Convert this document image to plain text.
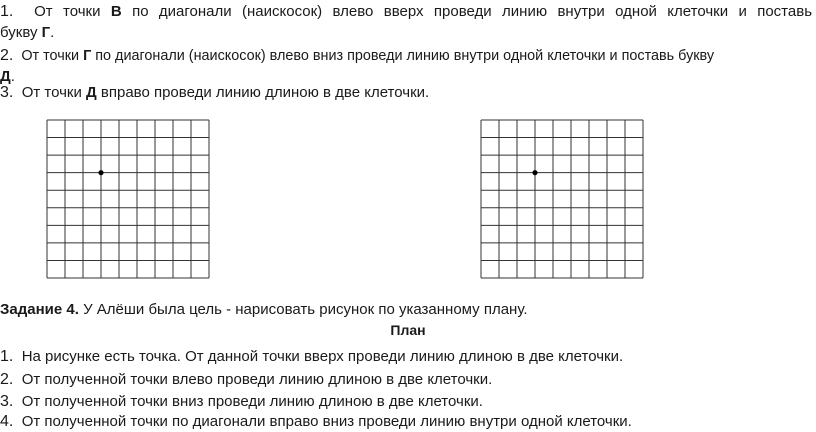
1. От точки В по диагонали (наискосок) влево вверх проведи линию внутри одной клеточки и поставь
букву Г.
2. От точки Г по диагонали (наискосок) влево вниз проведи линию внутри одной клеточки и поставь букву
Д.
3. От точки Д вправо проведи линию длиною в две клеточки.
Задание 4. У Алёши была цель - нарисовать рисунок по указанному плану.
План
1. На рисунке есть точка. От данной точки вверх проведи линию длиною в две клеточки.
2. От полученной точки влево проведи линию длиною в две клеточки.
3. От полученной точки вниз проведи линию длиною в две клеточки.
4. От полученной точки по диагонали вправо вниз проведи линию внутри одной клеточки.
